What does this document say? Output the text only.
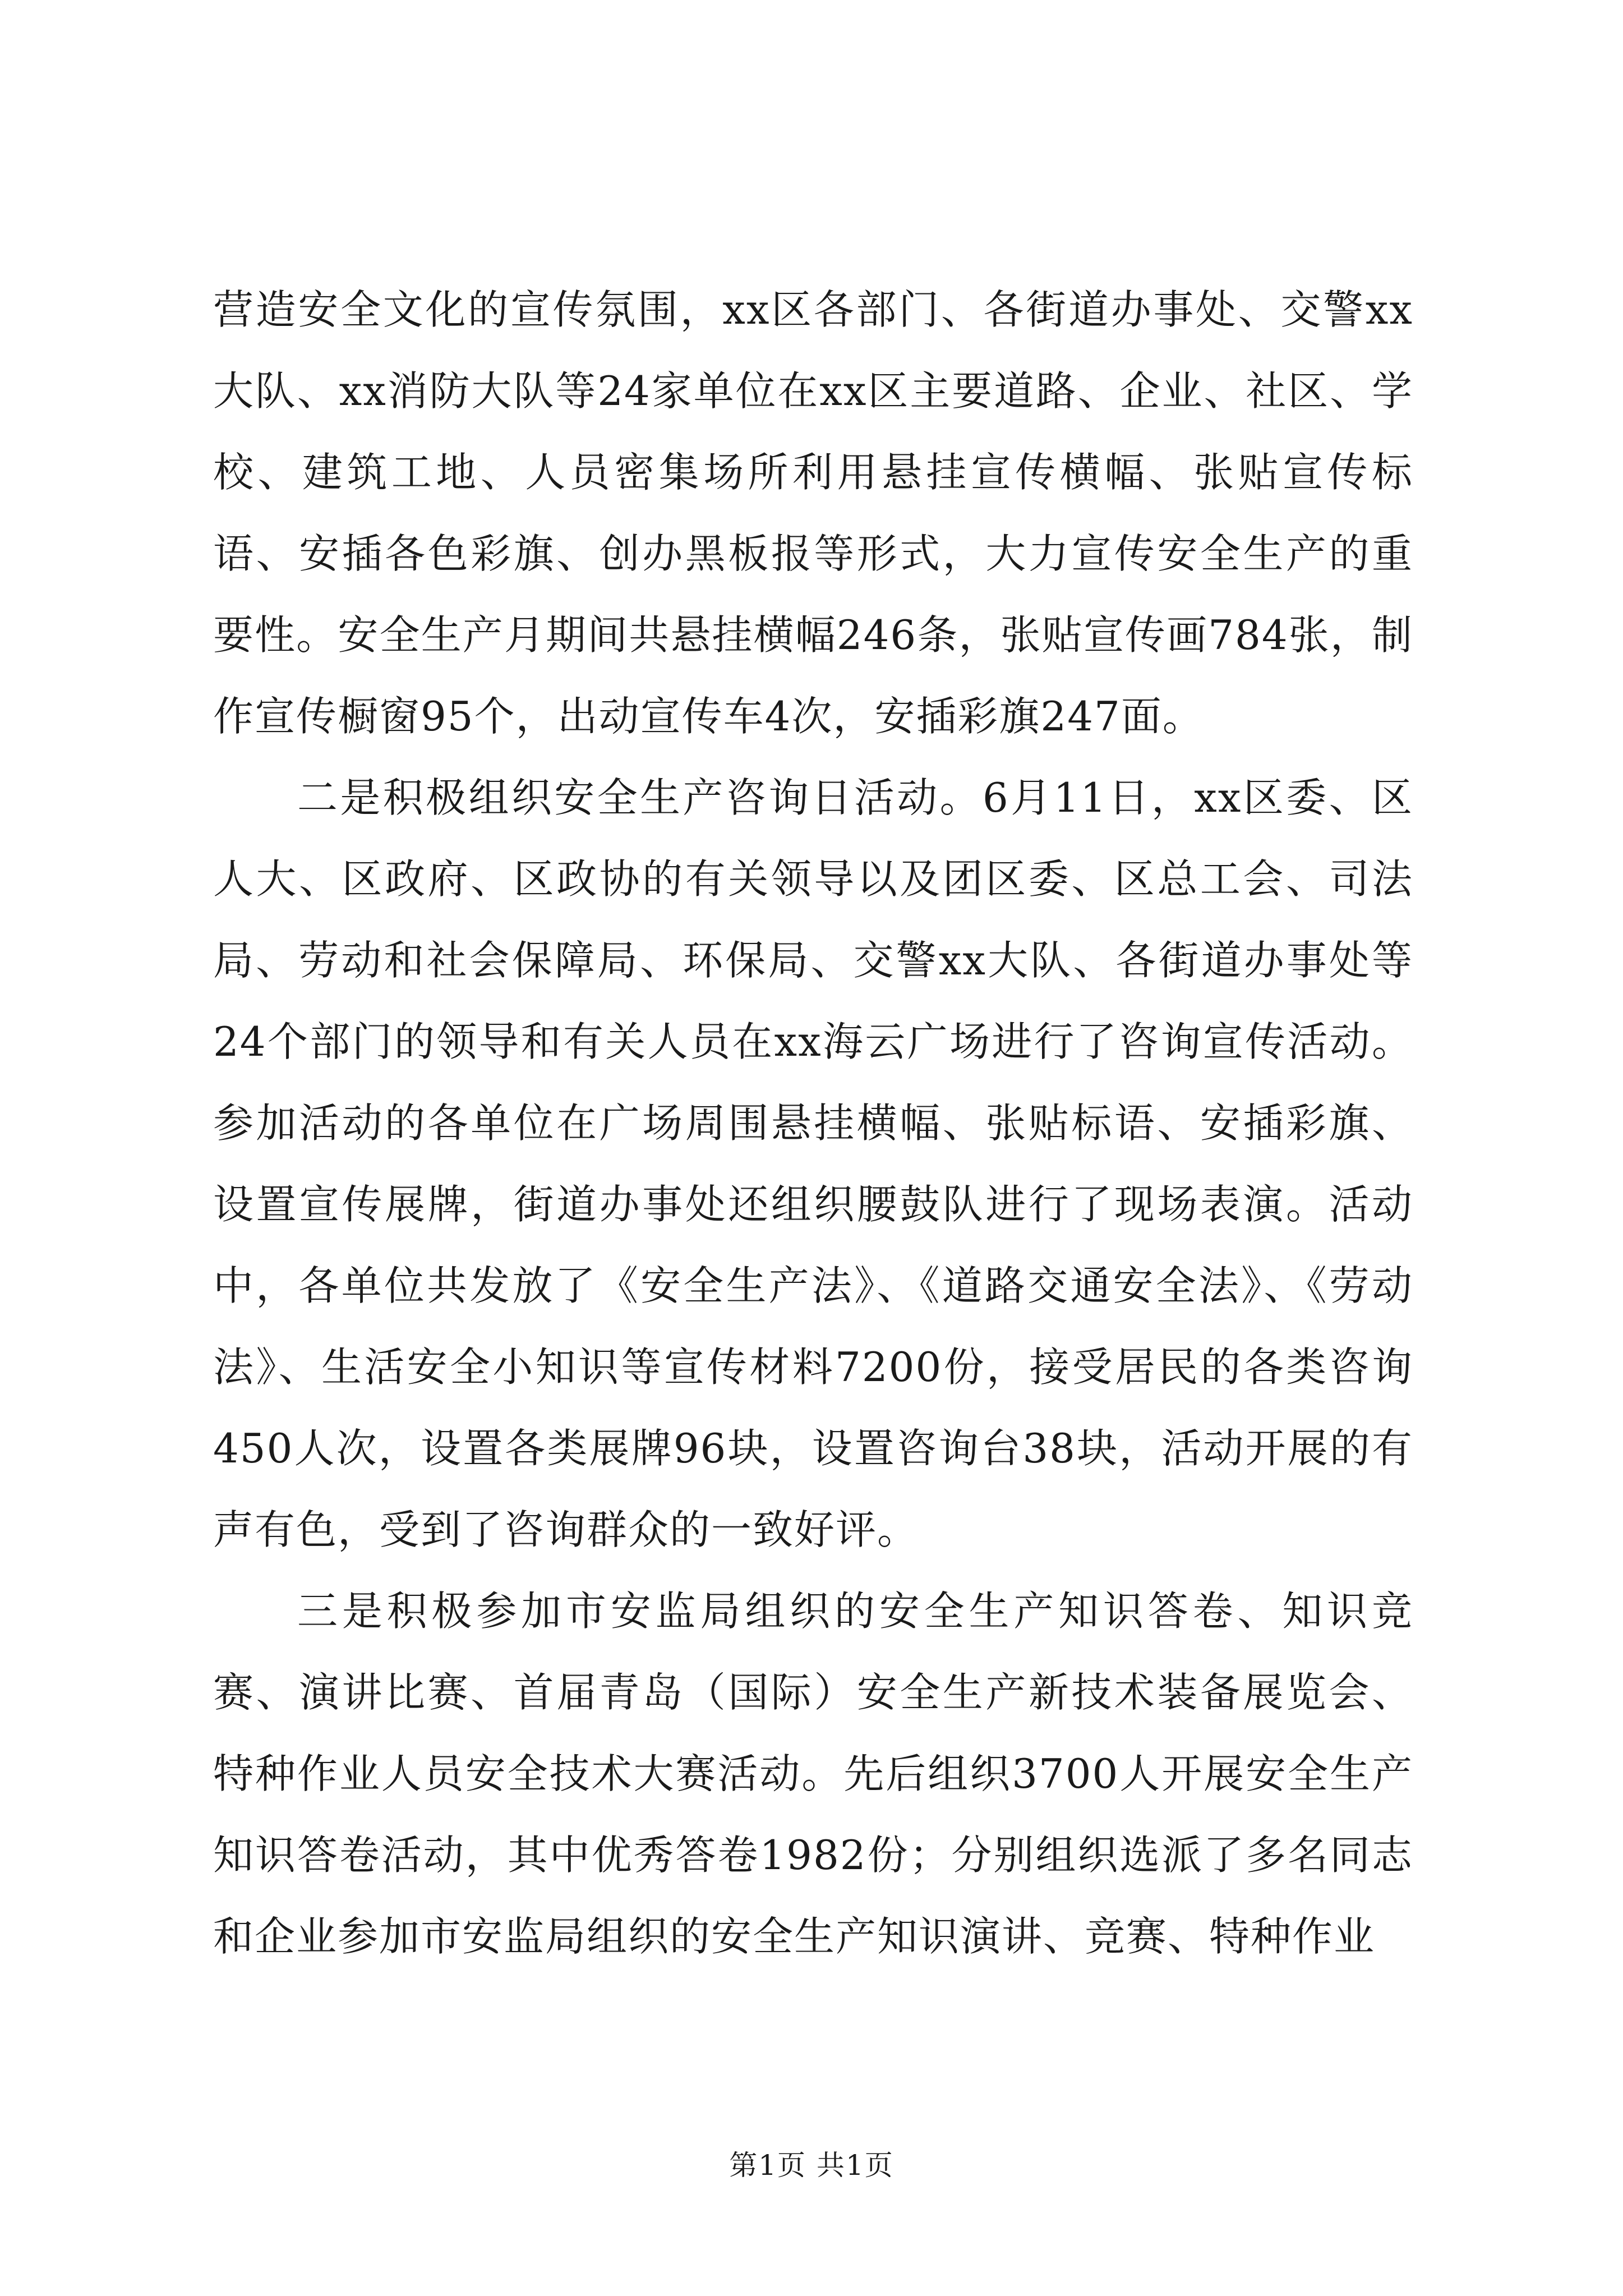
营造安全文化的宣传氛围，xx区各部门、各街道办事处、交警xx大队、xx消防大队等24家单位在xx区主要道路、企业、社区、学校、建筑工地、人员密集场所利用悬挂宣传横幅、张贴宣传标语、安插各色彩旗、创办黑板报等形式，大力宣传安全生产的重要性。安全生产月期间共悬挂横幅246条，张贴宣传画784张，制作宣传橱窗95个，出动宣传车4次，安插彩旗247面。

二是积极组织安全生产咨询日活动。6月11日，xx区委、区人大、区政府、区政协的有关领导以及团区委、区总工会、司法局、劳动和社会保障局、环保局、交警xx大队、各街道办事处等24个部门的领导和有关人员在xx海云广场进行了咨询宣传活动。参加活动的各单位在广场周围悬挂横幅、张贴标语、安插彩旗、设置宣传展牌，街道办事处还组织腰鼓队进行了现场表演。活动中，各单位共发放了《安全生产法》、《道路交通安全法》、《劳动法》、生活安全小知识等宣传材料7200份，接受居民的各类咨询450人次，设置各类展牌96块，设置咨询台38块，活动开展的有声有色，受到了咨询群众的一致好评。

三是积极参加市安监局组织的安全生产知识答卷、知识竞赛、演讲比赛、首届青岛（国际）安全生产新技术装备展览会、特种作业人员安全技术大赛活动。先后组织3700人开展安全生产知识答卷活动，其中优秀答卷1982份；分别组织选派了多名同志和企业参加市安监局组织的安全生产知识演讲、竞赛、特种作业

第1页 共1页
